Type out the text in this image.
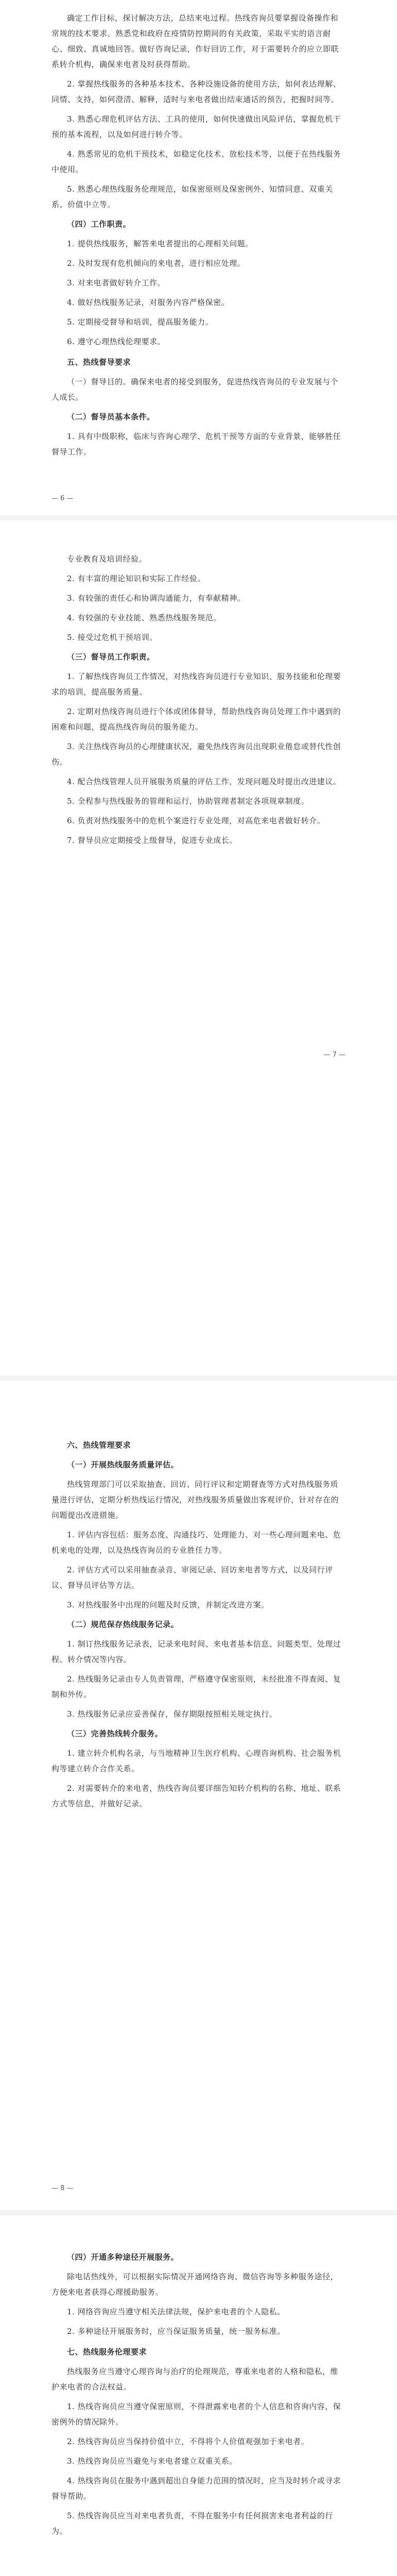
确定工作目标，探讨解决方法，总结来电过程。热线咨询员要掌握设备操作和常规的技术要求。熟悉党和政府在疫情防控期间的有关政策，采取平实的语言耐心、细致、真诚地回答。做好咨询记录，作好回访工作，对于需要转介的应立即联系转介机构，确保来电者及时获得帮助。

2. 掌握热线服务的各种基本技术、各种设施设备的使用方法，如何表达理解、同情、支持，如何澄清、解释，适时与来电者做出结束通话的预告，把握时间等。

3. 熟悉心理危机评估方法、工具的使用，如何快速做出风险评估，掌握危机干预的基本流程，以及如何进行转介等。

4. 熟悉常见的危机干预技术，如稳定化技术、放松技术等，以便于在热线服务中使用。

5. 熟悉心理热线服务伦理规范，如保密原则及保密例外、知情同意、双重关系、价值中立等。

（四）工作职责。

1. 提供热线服务，解答来电者提出的心理相关问题。

2. 及时发现有危机倾向的来电者，进行相应处理。

3. 对来电者做好转介工作。

4. 做好热线服务记录，对服务内容严格保密。

5. 定期接受督导和培训，提高服务能力。

6. 遵守心理热线伦理要求。

五、热线督导要求

（一）督导目的。确保来电者的接受到服务，促进热线咨询员的专业发展与个人成长。

（二）督导员基本条件。

1. 具有中级职称，临床与咨询心理学、危机干预等方面的专业背景，能够胜任督导工作。

— 6 —

专业教育及培训经验。

2. 有丰富的理论知识和实际工作经验。

3. 有较强的责任心和协调沟通能力，有奉献精神。

4. 有较强的专业技能、熟悉热线服务规范。

5. 接受过危机干预培训。

（三）督导员工作职责。

1. 了解热线咨询员工作情况，对热线咨询员进行专业知识、服务技能和伦理要求的培训，提高服务质量。

2. 定期对热线咨询员进行个体或团体督导，帮助热线咨询员处理工作中遇到的困难和问题，提高热线咨询员的服务能力。

3. 关注热线咨询员的心理健康状况，避免热线咨询员出现职业倦怠或替代性创伤。

4. 配合热线管理人员开展服务质量的评估工作，发现问题及时提出改进建议。

5. 全程参与热线服务的管理和运行，协助管理者制定各项规章制度。

6. 负责对热线服务中的危机个案进行专业处理，对高危来电者做好转介。

7. 督导员应定期接受上级督导，促进专业成长。

— 7 —
六、热线管理要求
（一）开展热线服务质量评估。

热线管理部门可以采取抽查、回访、同行评议和定期督查等方式对热线服务质量进行评估，定期分析热线运行情况，对热线服务质量做出客观评价，针对存在的问题提出改进措施。

1. 评估内容包括：服务态度、沟通技巧、处理能力、对一些心理问题来电、危机来电的处理，以及热线咨询员的专业胜任力等。

2. 评估方式可以采用抽查录音、审阅记录、回访来电者等方式，以及同行评议、督导员评估等方法。

3. 对热线服务中出现的问题及时反馈，并制定改进方案。

（二）规范保存热线服务记录。

1. 制订热线服务记录表，记录来电时间、来电者基本信息、问题类型、处理过程、转介情况等内容。

2. 热线服务记录由专人负责管理，严格遵守保密原则，未经批准不得查阅、复制和外传。

3. 热线服务记录应妥善保存，保存期限按照相关规定执行。

（三）完善热线转介服务。

1. 建立转介机构名录，与当地精神卫生医疗机构、心理咨询机构、社会服务机构等建立转介合作关系。

2. 对需要转介的来电者，热线咨询员要详细告知转介机构的名称、地址、联系方式等信息，并做好记录。

— 8 —
（四）开通多种途径开展服务。

除电话热线外，可以根据实际情况开通网络咨询、微信咨询等多种服务途径，方便来电者获得心理援助服务。

1. 网络咨询应当遵守相关法律法规，保护来电者的个人隐私。

2. 多种途径开展服务时，应当保证服务质量，统一服务标准。

七、热线服务伦理要求

热线服务应当遵守心理咨询与治疗的伦理规范，尊重来电者的人格和隐私，维护来电者的合法权益。

1. 热线咨询员应当遵守保密原则，不得泄露来电者的个人信息和咨询内容，保密例外的情况除外。

2. 热线咨询员应当保持价值中立，不得将个人价值观强加于来电者。

3. 热线咨询员应当避免与来电者建立双重关系。

4. 热线咨询员在服务中遇到超出自身能力范围的情况时，应当及时转介或寻求督导帮助。

5. 热线咨询员应当对来电者负责，不得在服务中有任何损害来电者利益的行为。
